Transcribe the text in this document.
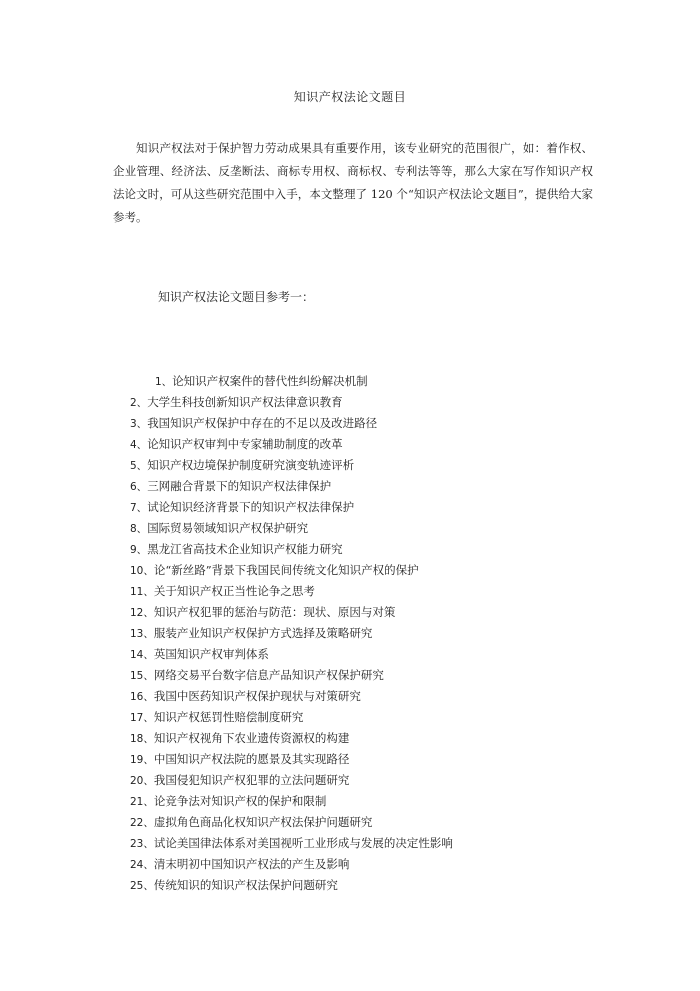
知识产权法论文题目
知识产权法对于保护智力劳动成果具有重要作用，该专业研究的范围很广，如：着作权、企业管理、经济法、反垄断法、商标专用权、商标权、专利法等等，那么大家在写作知识产权法论文时，可从这些研究范围中入手，本文整理了 120 个“知识产权法论文题目”，提供给大家参考。
知识产权法论文题目参考一：
1、论知识产权案件的替代性纠纷解决机制
2、大学生科技创新知识产权法律意识教育
3、我国知识产权保护中存在的不足以及改进路径
4、论知识产权审判中专家辅助制度的改革
5、知识产权边境保护制度研究演变轨迹评析
6、三网融合背景下的知识产权法律保护
7、试论知识经济背景下的知识产权法律保护
8、国际贸易领域知识产权保护研究
9、黑龙江省高技术企业知识产权能力研究
10、论“新丝路”背景下我国民间传统文化知识产权的保护
11、关于知识产权正当性论争之思考
12、知识产权犯罪的惩治与防范：现状、原因与对策
13、服装产业知识产权保护方式选择及策略研究
14、英国知识产权审判体系
15、网络交易平台数字信息产品知识产权保护研究
16、我国中医药知识产权保护现状与对策研究
17、知识产权惩罚性赔偿制度研究
18、知识产权视角下农业遗传资源权的构建
19、中国知识产权法院的愿景及其实现路径
20、我国侵犯知识产权犯罪的立法问题研究
21、论竞争法对知识产权的保护和限制
22、虚拟角色商品化权知识产权法保护问题研究
23、试论美国律法体系对美国视听工业形成与发展的决定性影响
24、清末明初中国知识产权法的产生及影响
25、传统知识的知识产权法保护问题研究
